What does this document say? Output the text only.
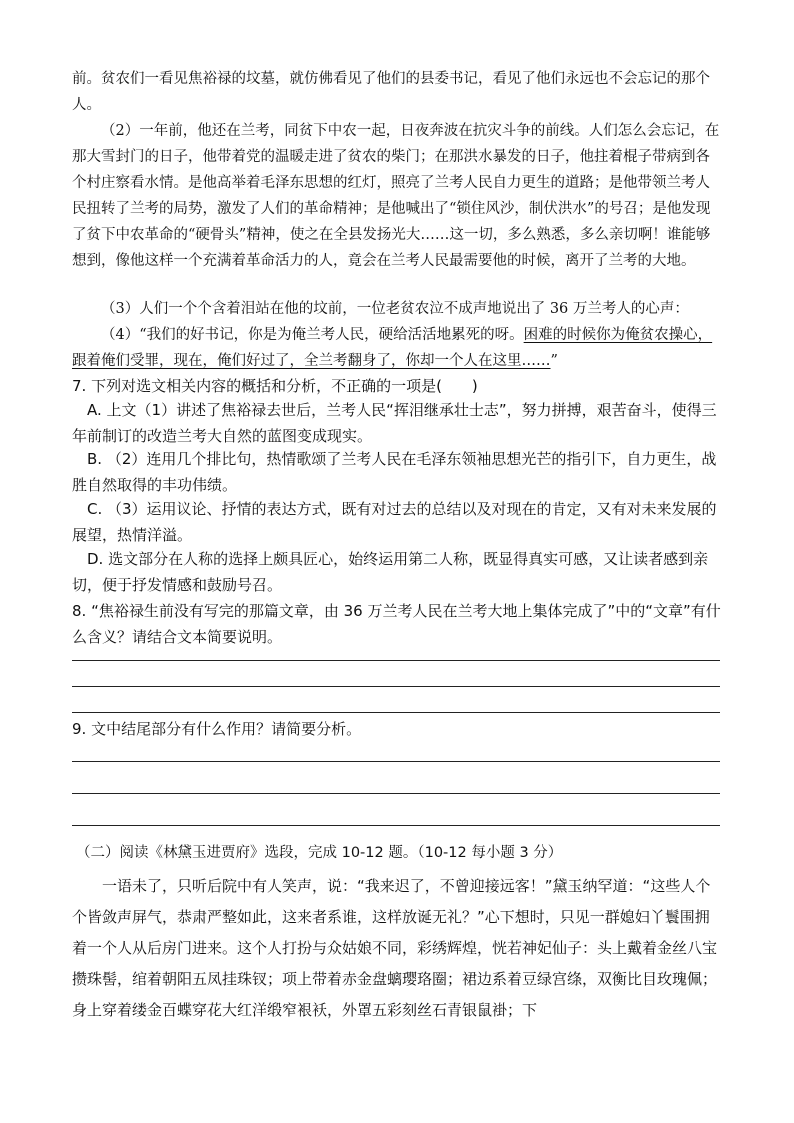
前。贫农们一看见焦裕禄的坟墓，就仿佛看见了他们的县委书记，看见了他们永远也不会忘记的那个人。

（2）一年前，他还在兰考，同贫下中农一起，日夜奔波在抗灾斗争的前线。人们怎么会忘记，在那大雪封门的日子，他带着党的温暖走进了贫农的柴门；在那洪水暴发的日子，他拄着棍子带病到各个村庄察看水情。是他高举着毛泽东思想的红灯，照亮了兰考人民自力更生的道路；是他带领兰考人民扭转了兰考的局势，激发了人们的革命精神；是他喊出了“锁住风沙，制伏洪水”的号召；是他发现了贫下中农革命的“硬骨头”精神，使之在全县发扬光大……这一切，多么熟悉，多么亲切啊！谁能够想到，像他这样一个充满着革命活力的人，竟会在兰考人民最需要他的时候，离开了兰考的大地。

（3）人们一个个含着泪站在他的坟前，一位老贫农泣不成声地说出了 36 万兰考人的心声：

（4）“我们的好书记，你是为俺兰考人民，硬给活活地累死的呀。困难的时候你为俺贫农操心，跟着俺们受罪，现在，俺们好过了，全兰考翻身了，你却一个人在这里……”

7. 下列对选文相关内容的概括和分析，不正确的一项是(　　)

A. 上文（1）讲述了焦裕禄去世后，兰考人民“挥泪继承壮士志”，努力拼搏，艰苦奋斗，使得三年前制订的改造兰考大自然的蓝图变成现实。

B. （2）连用几个排比句，热情歌颂了兰考人民在毛泽东领袖思想光芒的指引下，自力更生，战胜自然取得的丰功伟绩。

C. （3）运用议论、抒情的表达方式，既有对过去的总结以及对现在的肯定，又有对未来发展的展望，热情洋溢。

D. 选文部分在人称的选择上颇具匠心，始终运用第二人称，既显得真实可感，又让读者感到亲切，便于抒发情感和鼓励号召。

8. “焦裕禄生前没有写完的那篇文章，由 36 万兰考人民在兰考大地上集体完成了”中的“文章”有什么含义？请结合文本简要说明。

9. 文中结尾部分有什么作用？请简要分析。

（二）阅读《林黛玉进贾府》选段，完成 10-12 题。（10-12 每小题 3 分）

一语未了，只听后院中有人笑声，说：“我来迟了，不曾迎接远客！”黛玉纳罕道：“这些人个个皆敛声屏气，恭肃严整如此，这来者系谁，这样放诞无礼？”心下想时，只见一群媳妇丫鬟围拥着一个人从后房门进来。这个人打扮与众姑娘不同，彩绣辉煌，恍若神妃仙子：头上戴着金丝八宝攒珠髻，绾着朝阳五凤挂珠钗；项上带着赤金盘螭璎珞圈；裙边系着豆绿宫绦，双衡比目玫瑰佩；身上穿着缕金百蝶穿花大红洋缎窄裉袄，外罩五彩刻丝石青银鼠褂；下
